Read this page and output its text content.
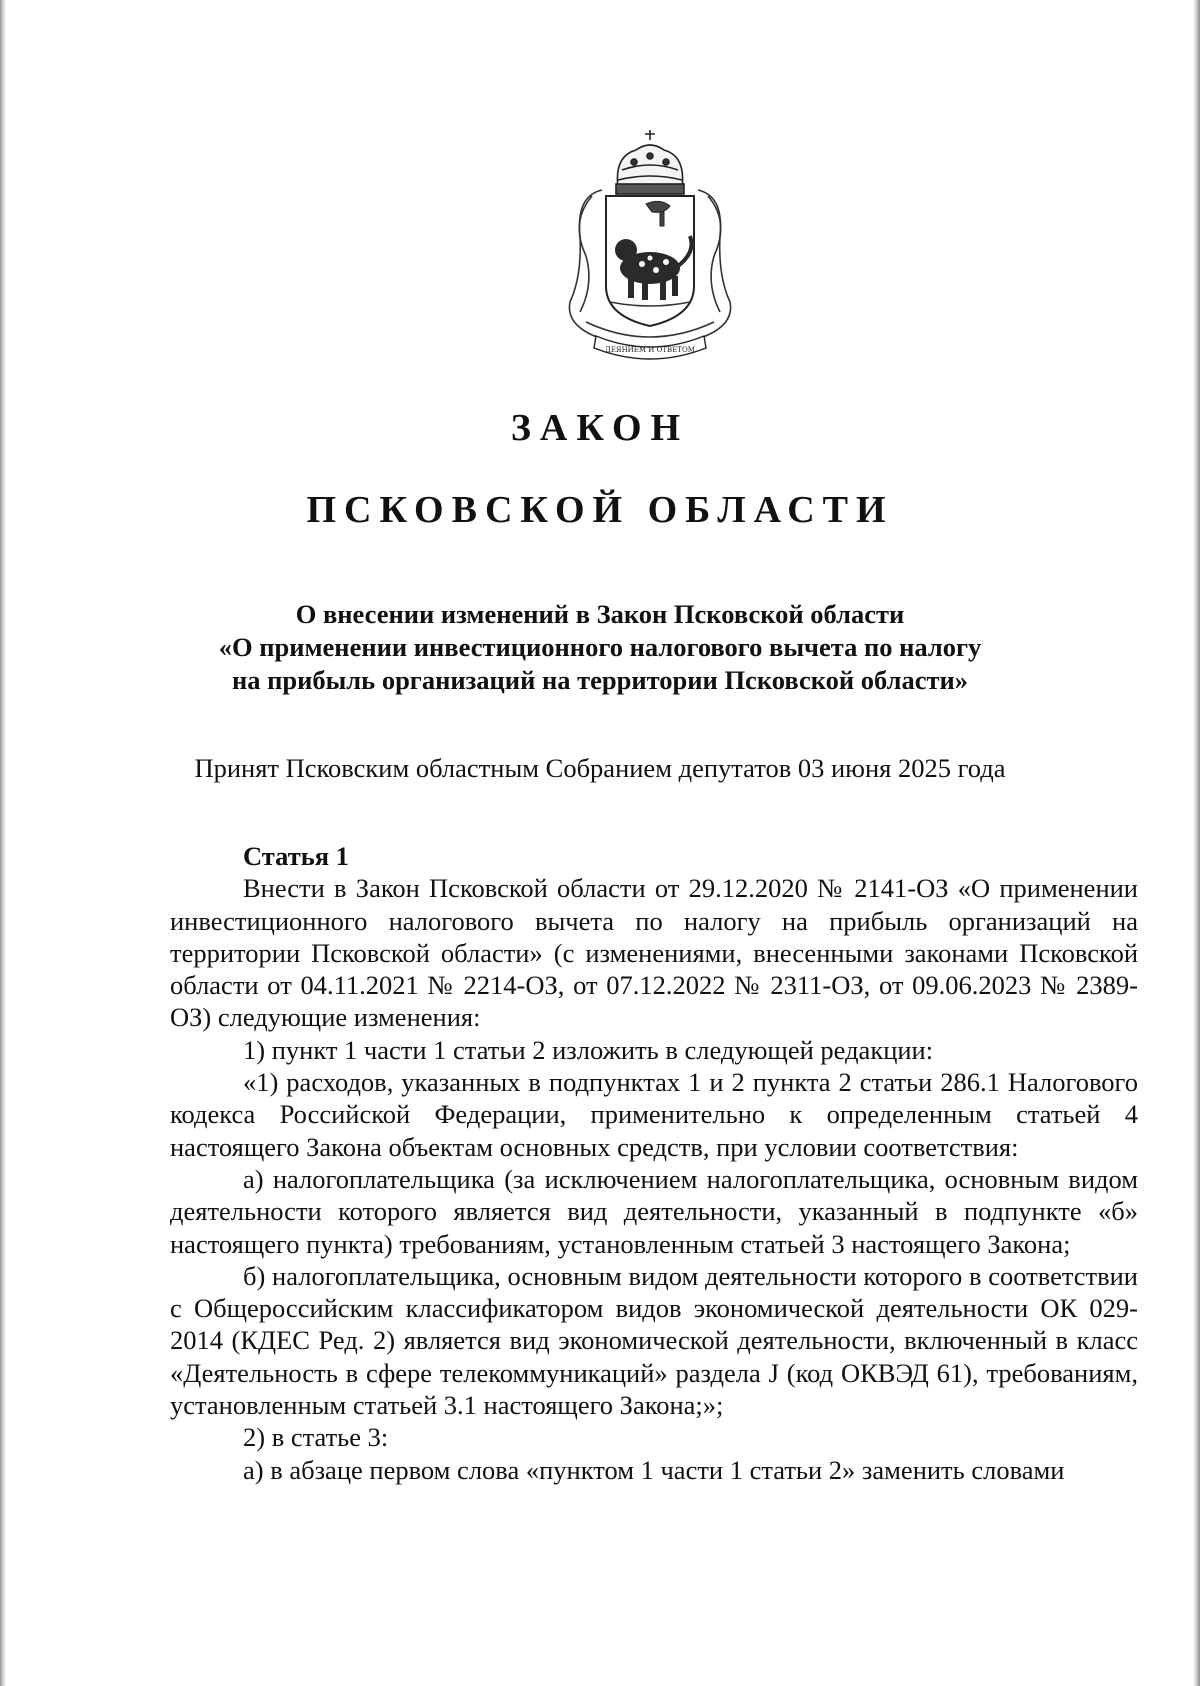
ДЕЯНИЕМ И ОТВЕТОМ
ЗАКОН
ПСКОВСКОЙ ОБЛАСТИ
О внесении изменений в Закон Псковской области
«О применении инвестиционного налогового вычета по налогу
на прибыль организаций на территории Псковской области»
Принят Псковским областным Собранием депутатов 03 июня 2025 года
Статья 1

Внести в Закон Псковской области от 29.12.2020 № 2141-ОЗ «О применении инвестиционного налогового вычета по налогу на прибыль организаций на территории Псковской области» (с изменениями, внесенными законами Псковской области от 04.11.2021 № 2214-ОЗ, от 07.12.2022 № 2311-ОЗ, от 09.06.2023 № 2389-ОЗ) следующие изменения:

1) пункт 1 части 1 статьи 2 изложить в следующей редакции:

«1) расходов, указанных в подпунктах 1 и 2 пункта 2 статьи 286.1 Налогового кодекса Российской Федерации, применительно к определенным статьей 4 настоящего Закона объектам основных средств, при условии соответствия:

а) налогоплательщика (за исключением налогоплательщика, основным видом деятельности которого является вид деятельности, указанный в подпункте «б» настоящего пункта) требованиям, установленным статьей 3 настоящего Закона;

б) налогоплательщика, основным видом деятельности которого в соответствии с Общероссийским классификатором видов экономической деятельности ОК 029-2014 (КДЕС Ред. 2) является вид экономической деятельности, включенный в класс «Деятельность в сфере телекоммуникаций» раздела J (код ОКВЭД 61), требованиям, установленным статьей 3.1 настоящего Закона;»;

2) в статье 3:

а) в абзаце первом слова «пунктом 1 части 1 статьи 2» заменить словами
